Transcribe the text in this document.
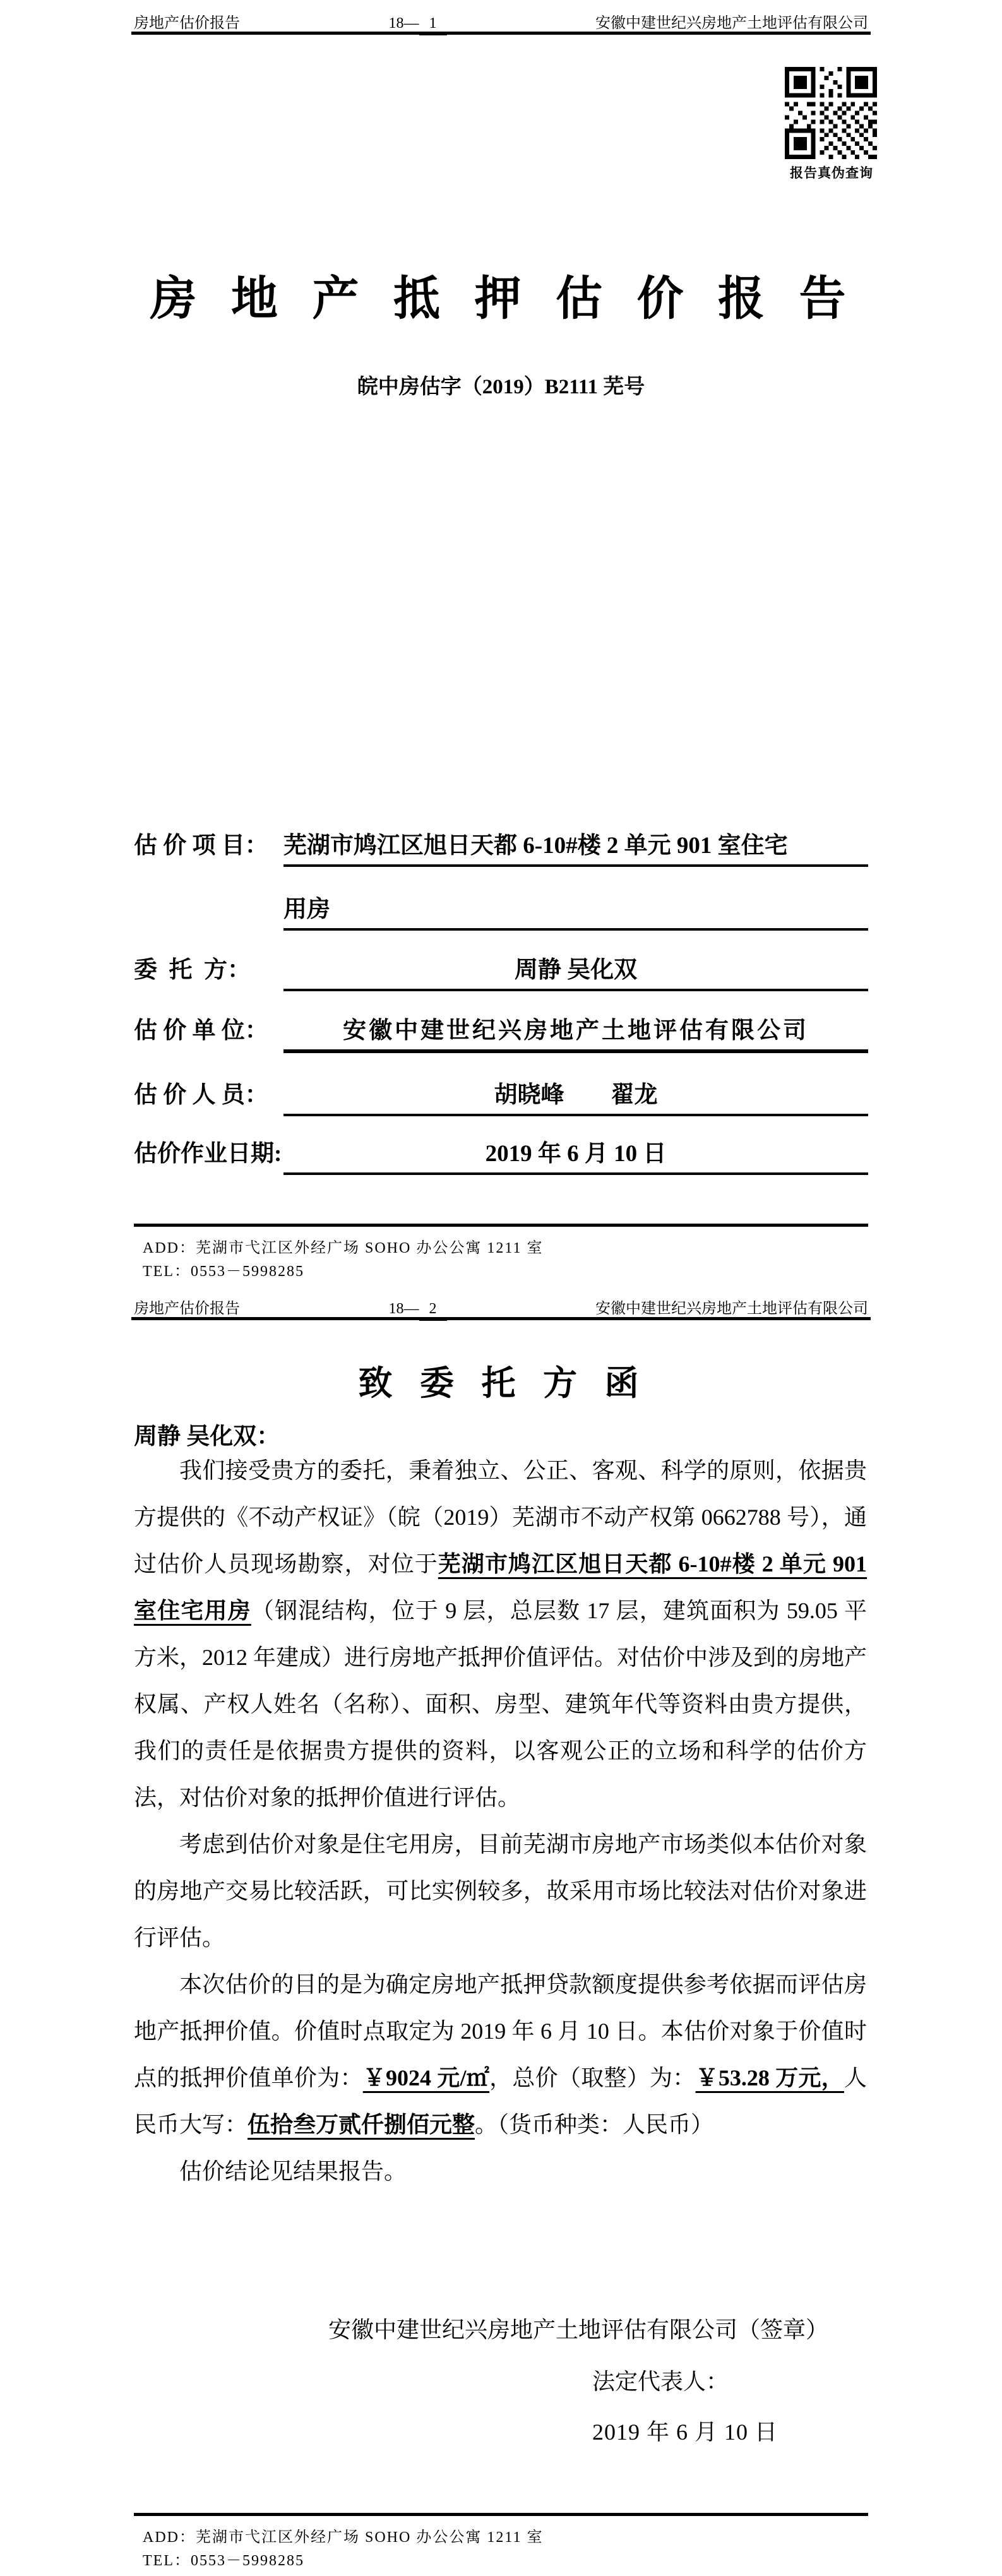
房地产估价报告	18— 1	安徽中建世纪兴房地产土地评估有限公司
报告真伪查询
房 地 产 抵 押 估 价 报 告
皖中房估字（2019）B2111 芜号
估 价 项 目： 芜湖市鸠江区旭日天都 6-10#楼 2 单元 901 室住宅
用房
委  托  方：	周静 吴化双
估 价 单 位：	安徽中建世纪兴房地产土地评估有限公司
估 价 人 员：	胡晓峰　　翟龙
估价作业日期:	2019 年 6 月 10 日
ADD：芜湖市弋江区外经广场 SOHO 办公公寓 1211 室
TEL：0553－5998285
房地产估价报告	18— 2	安徽中建世纪兴房地产土地评估有限公司
致 委 托 方 函
周静 吴化双：

我们接受贵方的委托，秉着独立、公正、客观、科学的原则，依据贵方提供的《不动产权证》（皖（2019）芜湖市不动产权第 0662788 号），通过估价人员现场勘察，对位于芜湖市鸠江区旭日天都 6-10#楼 2 单元 901 室住宅用房（钢混结构，位于 9 层，总层数 17 层，建筑面积为 59.05 平方米，2012 年建成）进行房地产抵押价值评估。对估价中涉及到的房地产权属、产权人姓名（名称）、面积、房型、建筑年代等资料由贵方提供，我们的责任是依据贵方提供的资料，以客观公正的立场和科学的估价方法，对估价对象的抵押价值进行评估。

考虑到估价对象是住宅用房，目前芜湖市房地产市场类似本估价对象的房地产交易比较活跃，可比实例较多，故采用市场比较法对估价对象进行评估。

本次估价的目的是为确定房地产抵押贷款额度提供参考依据而评估房地产抵押价值。价值时点取定为 2019 年 6 月 10 日。本估价对象于价值时点的抵押价值单价为：￥9024 元/㎡，总价（取整）为：￥53.28 万元，人民币大写：伍拾叁万贰仟捌佰元整。（货币种类：人民币）

估价结论见结果报告。

安徽中建世纪兴房地产土地评估有限公司（签章）
法定代表人：
2019 年 6 月 10 日
ADD：芜湖市弋江区外经广场 SOHO 办公公寓 1211 室
TEL：0553－5998285
